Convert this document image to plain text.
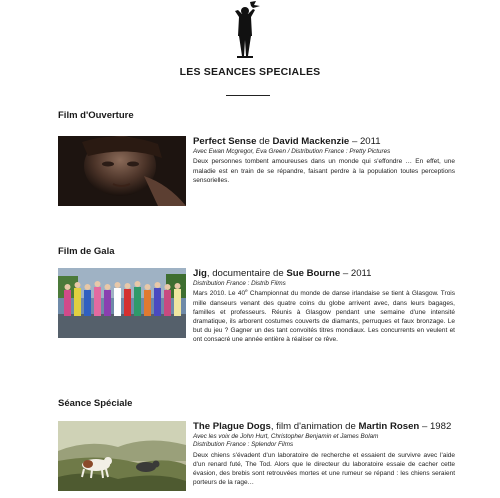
LES SEANCES SPECIALES
Film d'Ouverture
Perfect Sense de David Mackenzie – 2011
Avec Ewan Mcgregor, Eva Green / Distribution France : Pretty Pictures
Deux personnes tombent amoureuses dans un monde qui s'effondre … En effet, une maladie est en train de se répandre, faisant perdre à la population toutes perceptions sensorielles.
Film de Gala
Jig, documentaire de Sue Bourne – 2011
Distribution France : Distrib Films
Mars 2010. Le 40e Championnat du monde de danse irlandaise se tient à Glasgow. Trois mille danseurs venant des quatre coins du globe arrivent avec, dans leurs bagages, familles et professeurs. Réunis à Glasgow pendant une semaine d'une intensité dramatique, ils arborent costumes couverts de diamants, perruques et faux bronzage. Le but du jeu ? Gagner un des tant convoités titres mondiaux. Les concurrents en veulent et ont consacré une année entière à réaliser ce rêve.
Séance Spéciale
The Plague Dogs, film d'animation de Martin Rosen – 1982
Avec les voix de John Hurt, Christopher Benjamin et James Bolam
Distribution France : Splendor Films
Deux chiens s'évadent d'un laboratoire de recherche et essaient de survivre avec l'aide d'un renard futé, The Tod. Alors que le directeur du laboratoire essaie de cacher cette évasion, des brebis sont retrouvées mortes et une rumeur se répand : les chiens seraient porteurs de la rage…
